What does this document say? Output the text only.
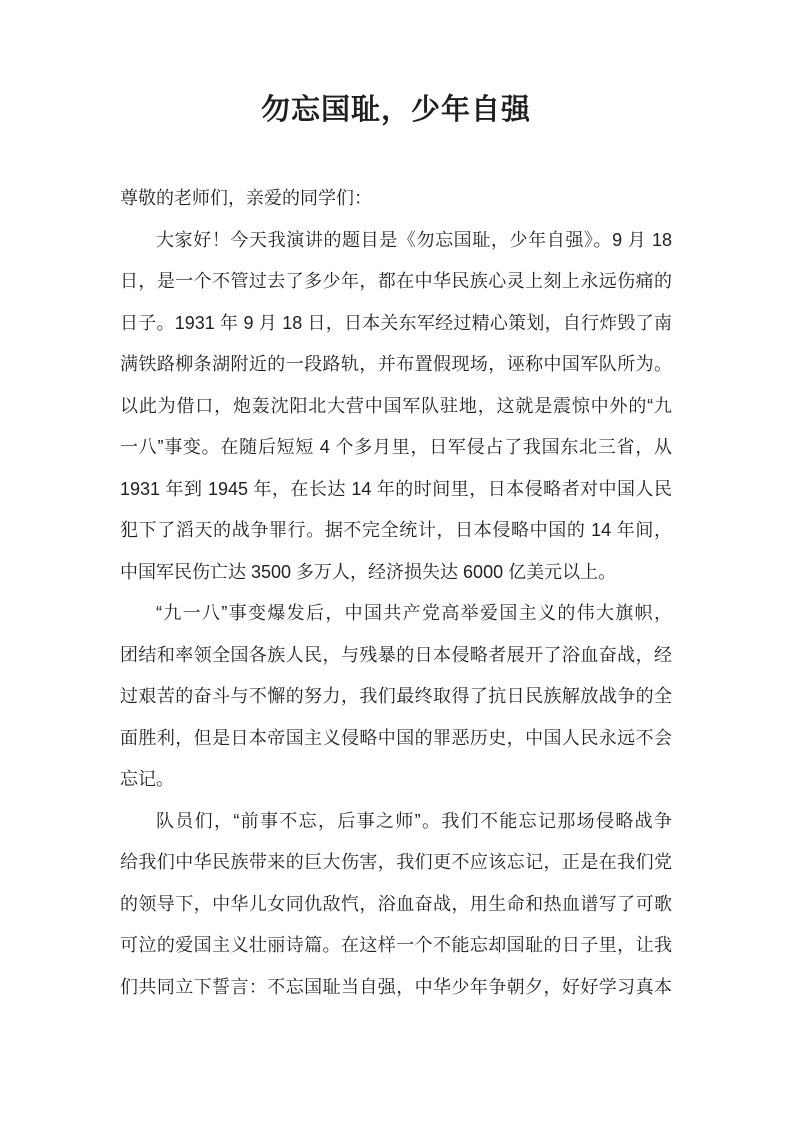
勿忘国耻，少年自强
尊敬的老师们，亲爱的同学们：
大家好！今天我演讲的题目是《勿忘国耻，少年自强》。9 月 18
日，是一个不管过去了多少年，都在中华民族心灵上刻上永远伤痛的
日子。1931 年 9 月 18 日，日本关东军经过精心策划，自行炸毁了南
满铁路柳条湖附近的一段路轨，并布置假现场，诬称中国军队所为。
以此为借口，炮轰沈阳北大营中国军队驻地，这就是震惊中外的“九
一八”事变。在随后短短 4 个多月里，日军侵占了我国东北三省，从
1931 年到 1945 年，在长达 14 年的时间里，日本侵略者对中国人民
犯下了滔天的战争罪行。据不完全统计，日本侵略中国的 14 年间，
中国军民伤亡达 3500 多万人，经济损失达 6000 亿美元以上。
“九一八”事变爆发后，中国共产党高举爱国主义的伟大旗帜，
团结和率领全国各族人民，与残暴的日本侵略者展开了浴血奋战，经
过艰苦的奋斗与不懈的努力，我们最终取得了抗日民族解放战争的全
面胜利，但是日本帝国主义侵略中国的罪恶历史，中国人民永远不会
忘记。
队员们，“前事不忘，后事之师”。我们不能忘记那场侵略战争
给我们中华民族带来的巨大伤害，我们更不应该忘记，正是在我们党
的领导下，中华儿女同仇敌忾，浴血奋战，用生命和热血谱写了可歌
可泣的爱国主义壮丽诗篇。在这样一个不能忘却国耻的日子里，让我
们共同立下誓言：不忘国耻当自强，中华少年争朝夕，好好学习真本
